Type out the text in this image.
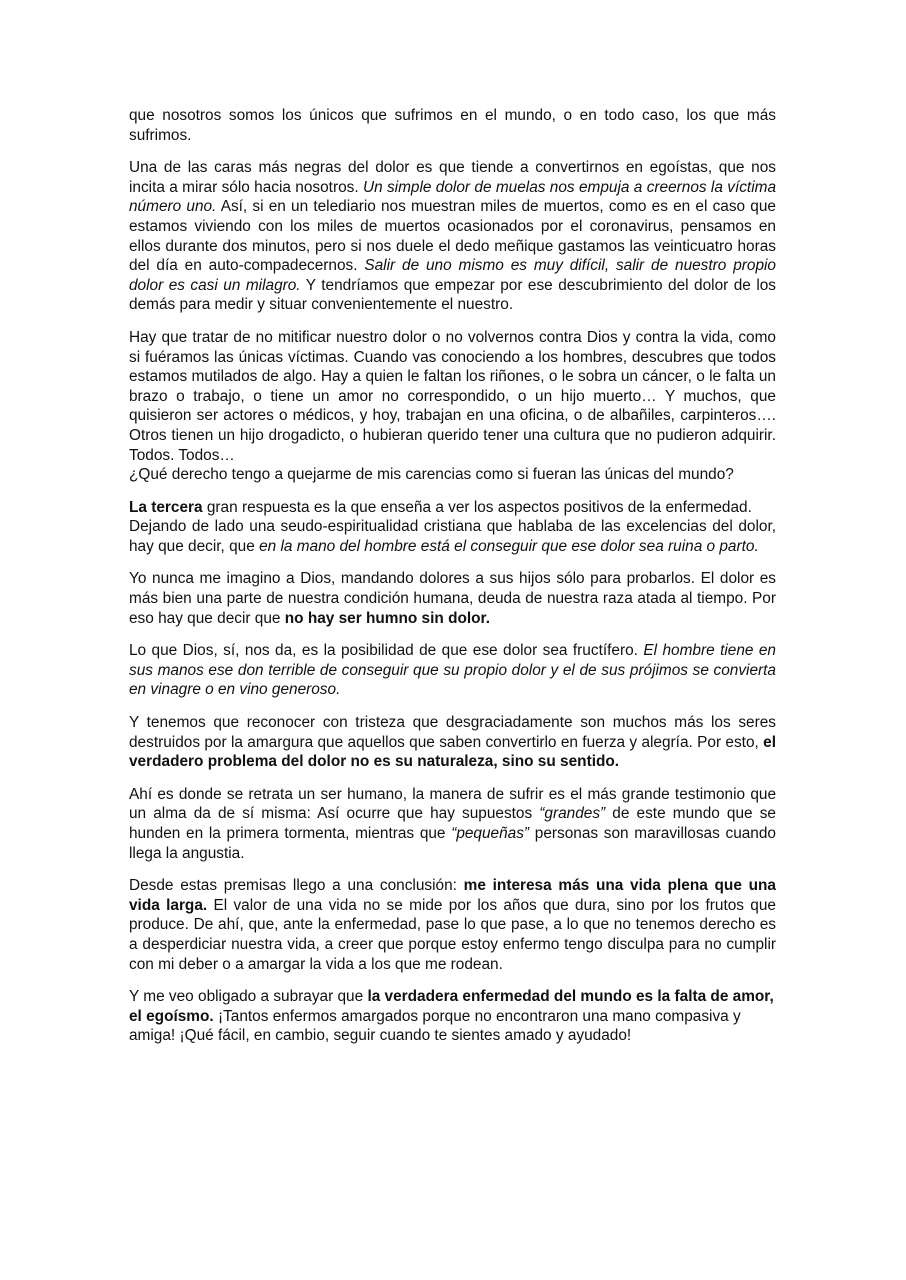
que nosotros somos los únicos que sufrimos en el mundo, o en todo caso, los que más sufrimos.

Una de las caras más negras del dolor es que tiende a convertirnos en egoístas, que nos incita a mirar sólo hacia nosotros. Un simple dolor de muelas nos empuja a creernos la víctima número uno. Así, si en un telediario nos muestran miles de muertos, como es en el caso que estamos viviendo con los miles de muertos ocasionados por el coronavirus, pensamos en ellos durante dos minutos, pero si nos duele el dedo meñique gastamos las veinticuatro horas del día en auto-compadecernos. Salir de uno mismo es muy difícil, salir de nuestro propio dolor es casi un milagro. Y tendríamos que empezar por ese descubrimiento del dolor de los demás para medir y situar convenientemente el nuestro.

Hay que tratar de no mitificar nuestro dolor o no volvernos contra Dios y contra la vida, como si fuéramos las únicas víctimas. Cuando vas conociendo a los hombres, descubres que todos estamos mutilados de algo. Hay a quien le faltan los riñones, o le sobra un cáncer, o le falta un brazo o trabajo, o tiene un amor no correspondido, o un hijo muerto… Y muchos, que quisieron ser actores o médicos, y hoy, trabajan en una oficina, o de albañiles, carpinteros…. Otros tienen un hijo drogadicto, o hubieran querido tener una cultura que no pudieron adquirir. Todos. Todos…

¿Qué derecho tengo a quejarme de mis carencias como si fueran las únicas del mundo?

La tercera gran respuesta es la que enseña a ver los aspectos positivos de la enfermedad.

Dejando de lado una seudo-espiritualidad cristiana que hablaba de las excelencias del dolor, hay que decir, que en la mano del hombre está el conseguir que ese dolor sea ruina o parto.

Yo nunca me imagino a Dios, mandando dolores a sus hijos sólo para probarlos. El dolor es más bien una parte de nuestra condición humana, deuda de nuestra raza atada al tiempo. Por eso hay que decir que no hay ser humno sin dolor.

Lo que Dios, sí, nos da, es la posibilidad de que ese dolor sea fructífero. El hombre tiene en sus manos ese don terrible de conseguir que su propio dolor y el de sus prójimos se convierta en vinagre o en vino generoso.

Y tenemos que reconocer con tristeza que desgraciadamente son muchos más los seres destruidos por la amargura que aquellos que saben convertirlo en fuerza y alegría. Por esto, el verdadero problema del dolor no es su naturaleza, sino su sentido.

Ahí es donde se retrata un ser humano, la manera de sufrir es el más grande testimonio que un alma da de sí misma: Así ocurre que hay supuestos “grandes” de este mundo que se hunden en la primera tormenta, mientras que “pequeñas” personas son maravillosas cuando llega la angustia.

Desde estas premisas llego a una conclusión: me interesa más una vida plena que una vida larga. El valor de una vida no se mide por los años que dura, sino por los frutos que produce. De ahí, que, ante la enfermedad, pase lo que pase, a lo que no tenemos derecho es a desperdiciar nuestra vida, a creer que porque estoy enfermo tengo disculpa para no cumplir con mi deber o a amargar la vida a los que me rodean.

Y me veo obligado a subrayar que la verdadera enfermedad del mundo es la falta de amor, el egoísmo. ¡Tantos enfermos amargados porque no encontraron una mano compasiva y amiga! ¡Qué fácil, en cambio, seguir cuando te sientes amado y ayudado!
